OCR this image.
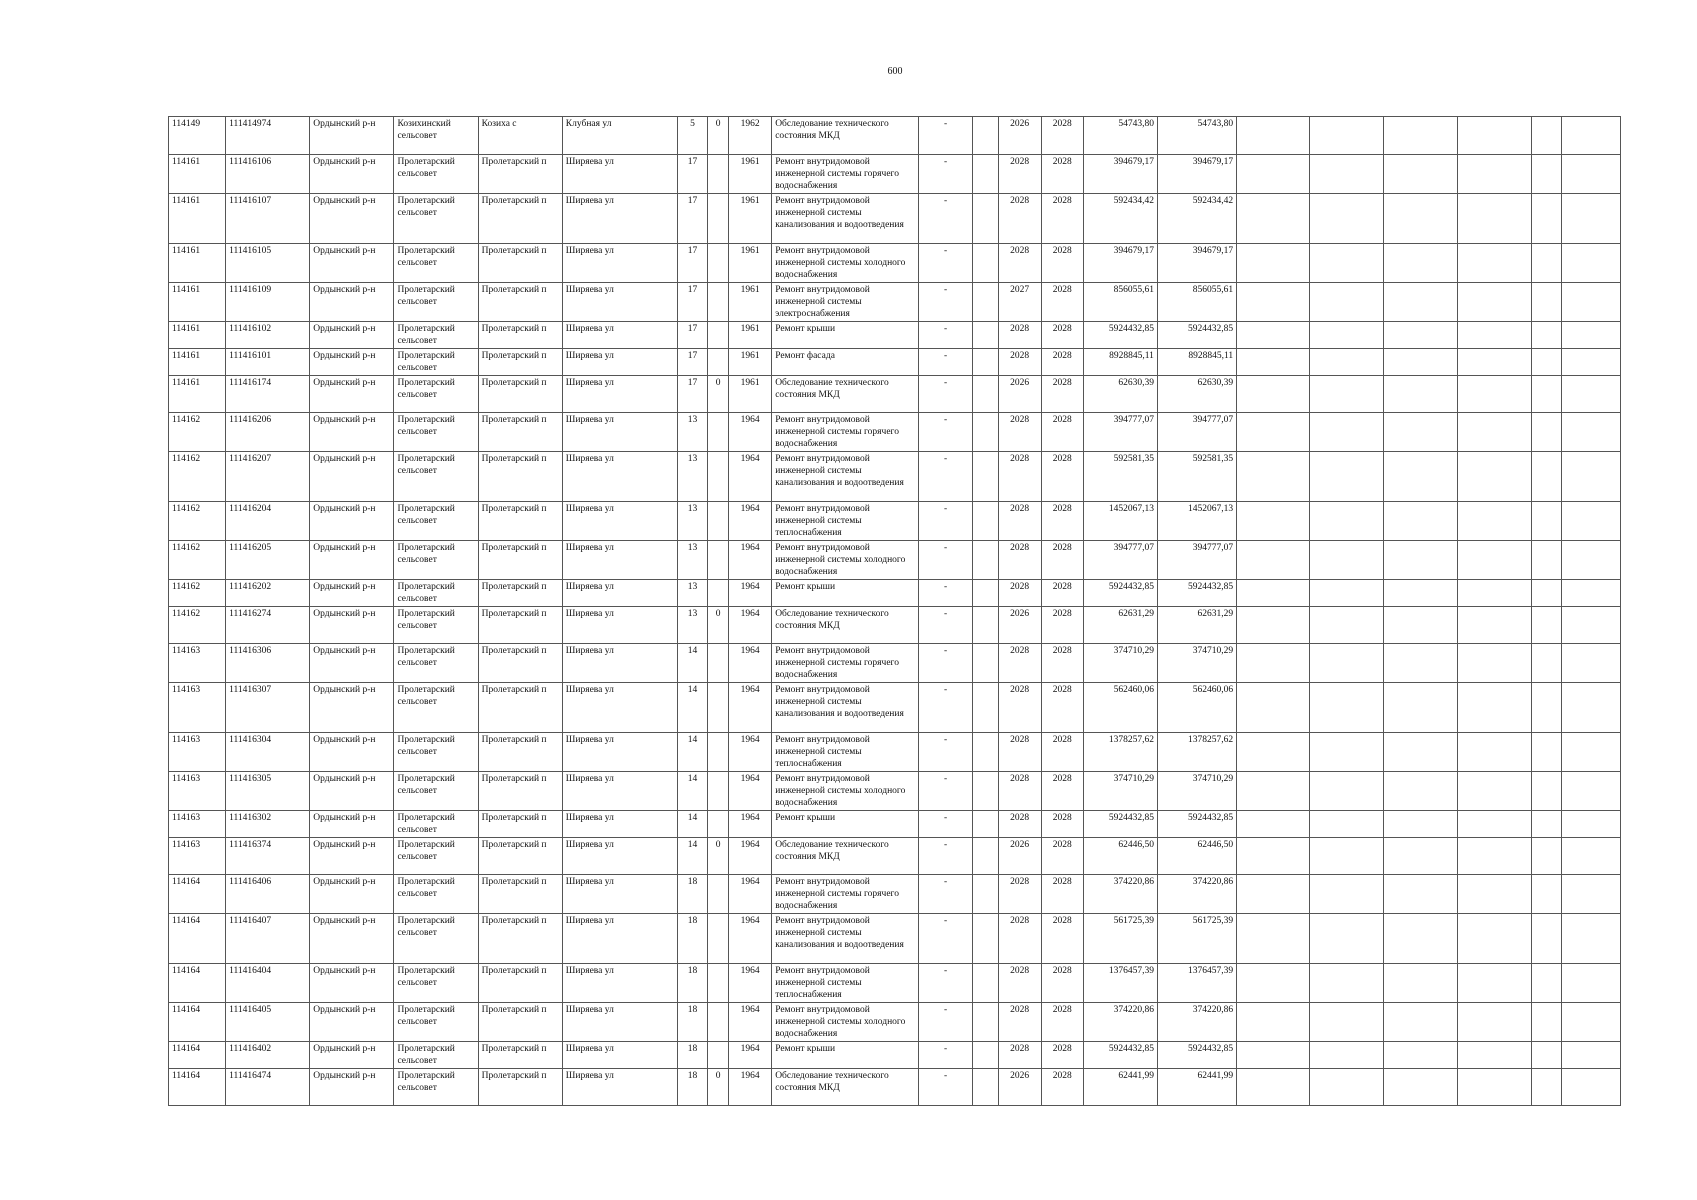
600
114149	111414974	Ордынский р-н	Козихинский сельсовет	Козиха с	Клубная ул	5	0	1962	Обследование технического состояния МКД	-		2026	2028	54743,80	54743,80						
114161	111416106	Ордынский р-н	Пролетарский сельсовет	Пролетарский п	Ширяева ул	17		1961	Ремонт внутридомовой инженерной системы горячего водоснабжения	-		2028	2028	394679,17	394679,17						
114161	111416107	Ордынский р-н	Пролетарский сельсовет	Пролетарский п	Ширяева ул	17		1961	Ремонт внутридомовой инженерной системы канализования и водоотведения	-		2028	2028	592434,42	592434,42						
114161	111416105	Ордынский р-н	Пролетарский сельсовет	Пролетарский п	Ширяева ул	17		1961	Ремонт внутридомовой инженерной системы холодного водоснабжения	-		2028	2028	394679,17	394679,17						
114161	111416109	Ордынский р-н	Пролетарский сельсовет	Пролетарский п	Ширяева ул	17		1961	Ремонт внутридомовой инженерной системы электроснабжения	-		2027	2028	856055,61	856055,61						
114161	111416102	Ордынский р-н	Пролетарский сельсовет	Пролетарский п	Ширяева ул	17		1961	Ремонт крыши	-		2028	2028	5924432,85	5924432,85						
114161	111416101	Ордынский р-н	Пролетарский сельсовет	Пролетарский п	Ширяева ул	17		1961	Ремонт фасада	-		2028	2028	8928845,11	8928845,11						
114161	111416174	Ордынский р-н	Пролетарский сельсовет	Пролетарский п	Ширяева ул	17	0	1961	Обследование технического состояния МКД	-		2026	2028	62630,39	62630,39						
114162	111416206	Ордынский р-н	Пролетарский сельсовет	Пролетарский п	Ширяева ул	13		1964	Ремонт внутридомовой инженерной системы горячего водоснабжения	-		2028	2028	394777,07	394777,07						
114162	111416207	Ордынский р-н	Пролетарский сельсовет	Пролетарский п	Ширяева ул	13		1964	Ремонт внутридомовой инженерной системы канализования и водоотведения	-		2028	2028	592581,35	592581,35						
114162	111416204	Ордынский р-н	Пролетарский сельсовет	Пролетарский п	Ширяева ул	13		1964	Ремонт внутридомовой инженерной системы теплоснабжения	-		2028	2028	1452067,13	1452067,13						
114162	111416205	Ордынский р-н	Пролетарский сельсовет	Пролетарский п	Ширяева ул	13		1964	Ремонт внутридомовой инженерной системы холодного водоснабжения	-		2028	2028	394777,07	394777,07						
114162	111416202	Ордынский р-н	Пролетарский сельсовет	Пролетарский п	Ширяева ул	13		1964	Ремонт крыши	-		2028	2028	5924432,85	5924432,85						
114162	111416274	Ордынский р-н	Пролетарский сельсовет	Пролетарский п	Ширяева ул	13	0	1964	Обследование технического состояния МКД	-		2026	2028	62631,29	62631,29						
114163	111416306	Ордынский р-н	Пролетарский сельсовет	Пролетарский п	Ширяева ул	14		1964	Ремонт внутридомовой инженерной системы горячего водоснабжения	-		2028	2028	374710,29	374710,29						
114163	111416307	Ордынский р-н	Пролетарский сельсовет	Пролетарский п	Ширяева ул	14		1964	Ремонт внутридомовой инженерной системы канализования и водоотведения	-		2028	2028	562460,06	562460,06						
114163	111416304	Ордынский р-н	Пролетарский сельсовет	Пролетарский п	Ширяева ул	14		1964	Ремонт внутридомовой инженерной системы теплоснабжения	-		2028	2028	1378257,62	1378257,62						
114163	111416305	Ордынский р-н	Пролетарский сельсовет	Пролетарский п	Ширяева ул	14		1964	Ремонт внутридомовой инженерной системы холодного водоснабжения	-		2028	2028	374710,29	374710,29						
114163	111416302	Ордынский р-н	Пролетарский сельсовет	Пролетарский п	Ширяева ул	14		1964	Ремонт крыши	-		2028	2028	5924432,85	5924432,85						
114163	111416374	Ордынский р-н	Пролетарский сельсовет	Пролетарский п	Ширяева ул	14	0	1964	Обследование технического состояния МКД	-		2026	2028	62446,50	62446,50						
114164	111416406	Ордынский р-н	Пролетарский сельсовет	Пролетарский п	Ширяева ул	18		1964	Ремонт внутридомовой инженерной системы горячего водоснабжения	-		2028	2028	374220,86	374220,86						
114164	111416407	Ордынский р-н	Пролетарский сельсовет	Пролетарский п	Ширяева ул	18		1964	Ремонт внутридомовой инженерной системы канализования и водоотведения	-		2028	2028	561725,39	561725,39						
114164	111416404	Ордынский р-н	Пролетарский сельсовет	Пролетарский п	Ширяева ул	18		1964	Ремонт внутридомовой инженерной системы теплоснабжения	-		2028	2028	1376457,39	1376457,39						
114164	111416405	Ордынский р-н	Пролетарский сельсовет	Пролетарский п	Ширяева ул	18		1964	Ремонт внутридомовой инженерной системы холодного водоснабжения	-		2028	2028	374220,86	374220,86						
114164	111416402	Ордынский р-н	Пролетарский сельсовет	Пролетарский п	Ширяева ул	18		1964	Ремонт крыши	-		2028	2028	5924432,85	5924432,85						
114164	111416474	Ордынский р-н	Пролетарский сельсовет	Пролетарский п	Ширяева ул	18	0	1964	Обследование технического состояния МКД	-		2026	2028	62441,99	62441,99						
